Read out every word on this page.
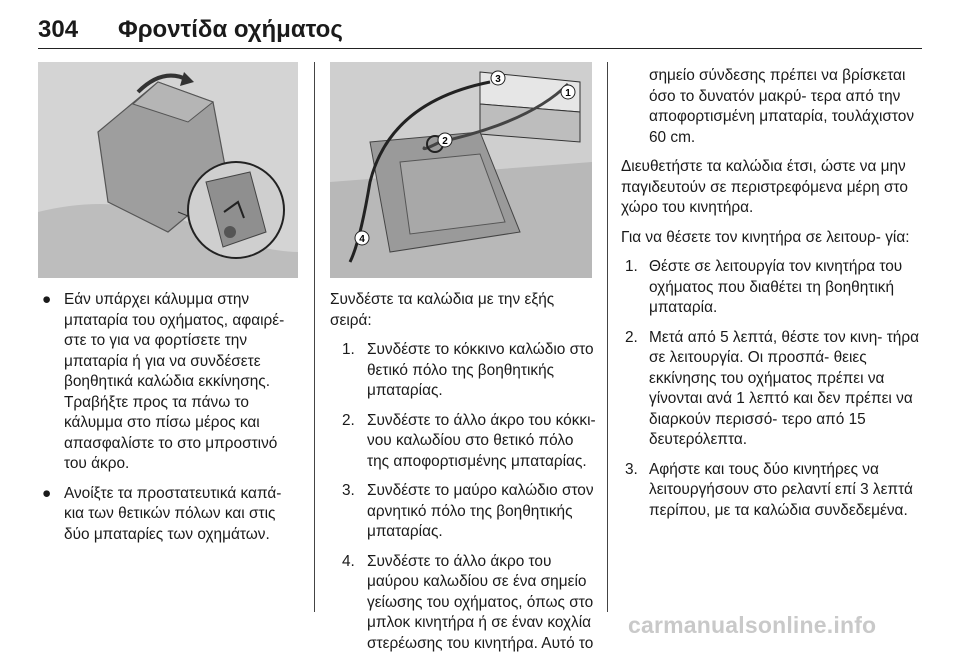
304 Φροντίδα οχήματος
1
2
3
4
● Εάν υπάρχει κάλυμμα στην μπαταρία του οχήματος, αφαιρέ‐ στε το για να φορτίσετε την μπαταρία ή για να συνδέσετε βοηθητικά καλώδια εκκίνησης. Τραβήξτε προς τα πάνω το κάλυμμα στο πίσω μέρος και απασφαλίστε το στο μπροστινό του άκρο.
● Ανοίξτε τα προστατευτικά καπά‐ κια των θετικών πόλων και στις δύο μπαταρίες των οχημάτων.

Συνδέστε τα καλώδια με την εξής σειρά:

1. Συνδέστε το κόκκινο καλώδιο στο θετικό πόλο της βοηθητικής μπαταρίας.
2. Συνδέστε το άλλο άκρο του κόκκι‐ νου καλωδίου στο θετικό πόλο της αποφορτισμένης μπαταρίας.
3. Συνδέστε το μαύρο καλώδιο στον αρνητικό πόλο της βοηθητικής μπαταρίας.
4. Συνδέστε το άλλο άκρο του μαύρου καλωδίου σε ένα σημείο γείωσης του οχήματος, όπως στο μπλοκ κινητήρα ή σε έναν κοχλία στερέωσης του κινητήρα. Αυτό το
σημείο σύνδεσης πρέπει να βρίσκεται όσο το δυνατόν μακρύ‐ τερα από την αποφορτισμένη μπαταρία, τουλάχιστον 60 cm.

Διευθετήστε τα καλώδια έτσι, ώστε να μην παγιδευτούν σε περιστρεφόμενα μέρη στο χώρο του κινητήρα.

Για να θέσετε τον κινητήρα σε λειτουρ‐ γία:

1. Θέστε σε λειτουργία τον κινητήρα του οχήματος που διαθέτει τη βοηθητική μπαταρία.
2. Μετά από 5 λεπτά, θέστε τον κινη‐ τήρα σε λειτουργία. Οι προσπά‐ θειες εκκίνησης του οχήματος πρέπει να γίνονται ανά 1 λεπτό και δεν πρέπει να διαρκούν περισσό‐ τερο από 15 δευτερόλεπτα.
3. Αφήστε και τους δύο κινητήρες να λειτουργήσουν στο ρελαντί επί 3 λεπτά περίπου, με τα καλώδια συνδεδεμένα.
carmanualsonline.info
